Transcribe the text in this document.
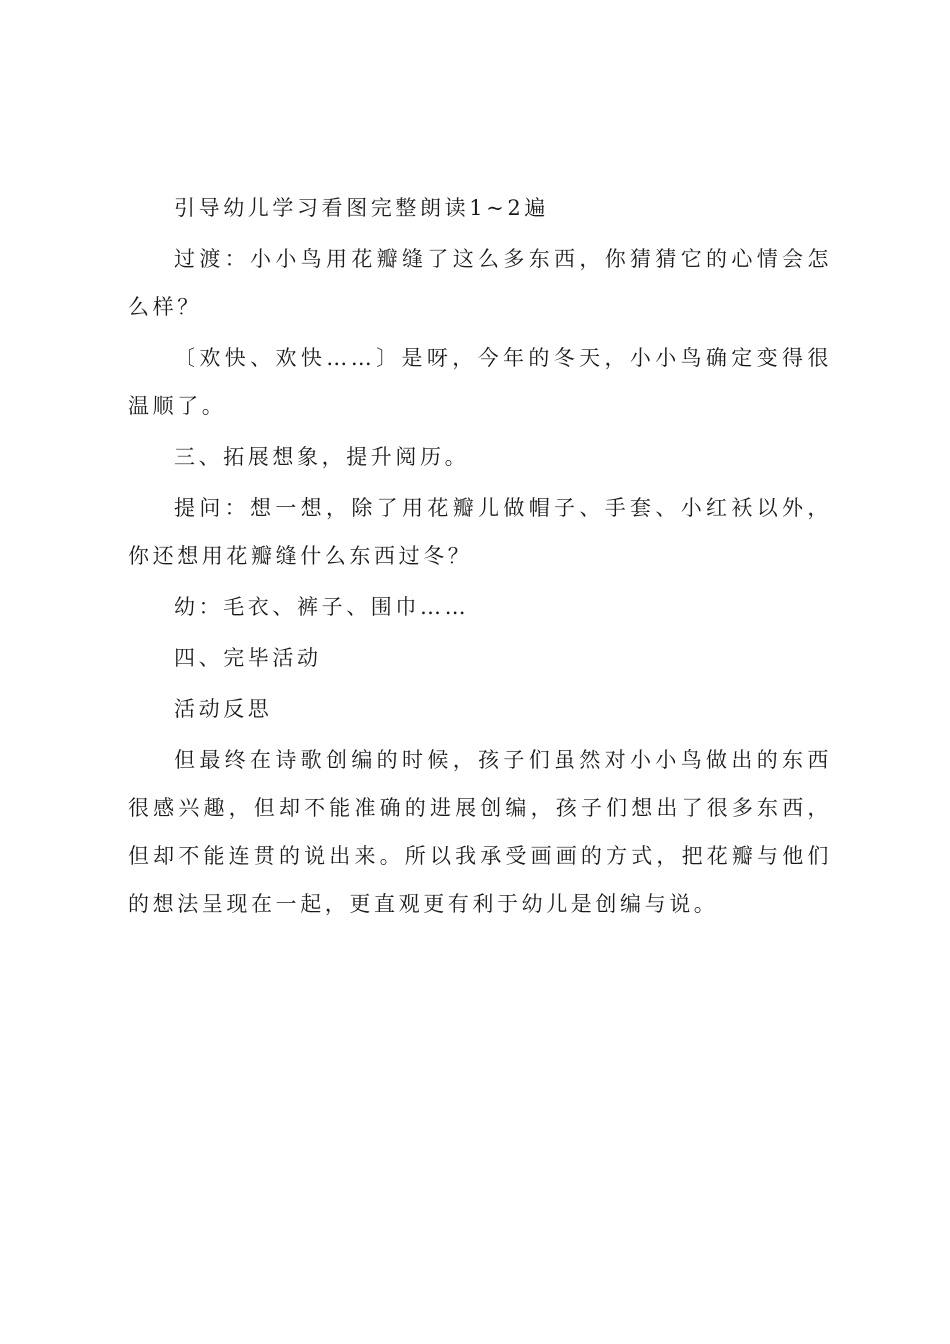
引导幼儿学习看图完整朗读1~2遍

过渡：小小鸟用花瓣缝了这么多东西，你猜猜它的心情会怎么样？

〔欢快、欢快……〕是呀，今年的冬天，小小鸟确定变得很温顺了。

三、拓展想象，提升阅历。

提问：想一想，除了用花瓣儿做帽子、手套、小红袄以外，你还想用花瓣缝什么东西过冬？

幼：毛衣、裤子、围巾……

四、完毕活动

活动反思

但最终在诗歌创编的时候，孩子们虽然对小小鸟做出的东西很感兴趣，但却不能准确的进展创编，孩子们想出了很多东西，但却不能连贯的说出来。所以我承受画画的方式，把花瓣与他们的想法呈现在一起，更直观更有利于幼儿是创编与说。
